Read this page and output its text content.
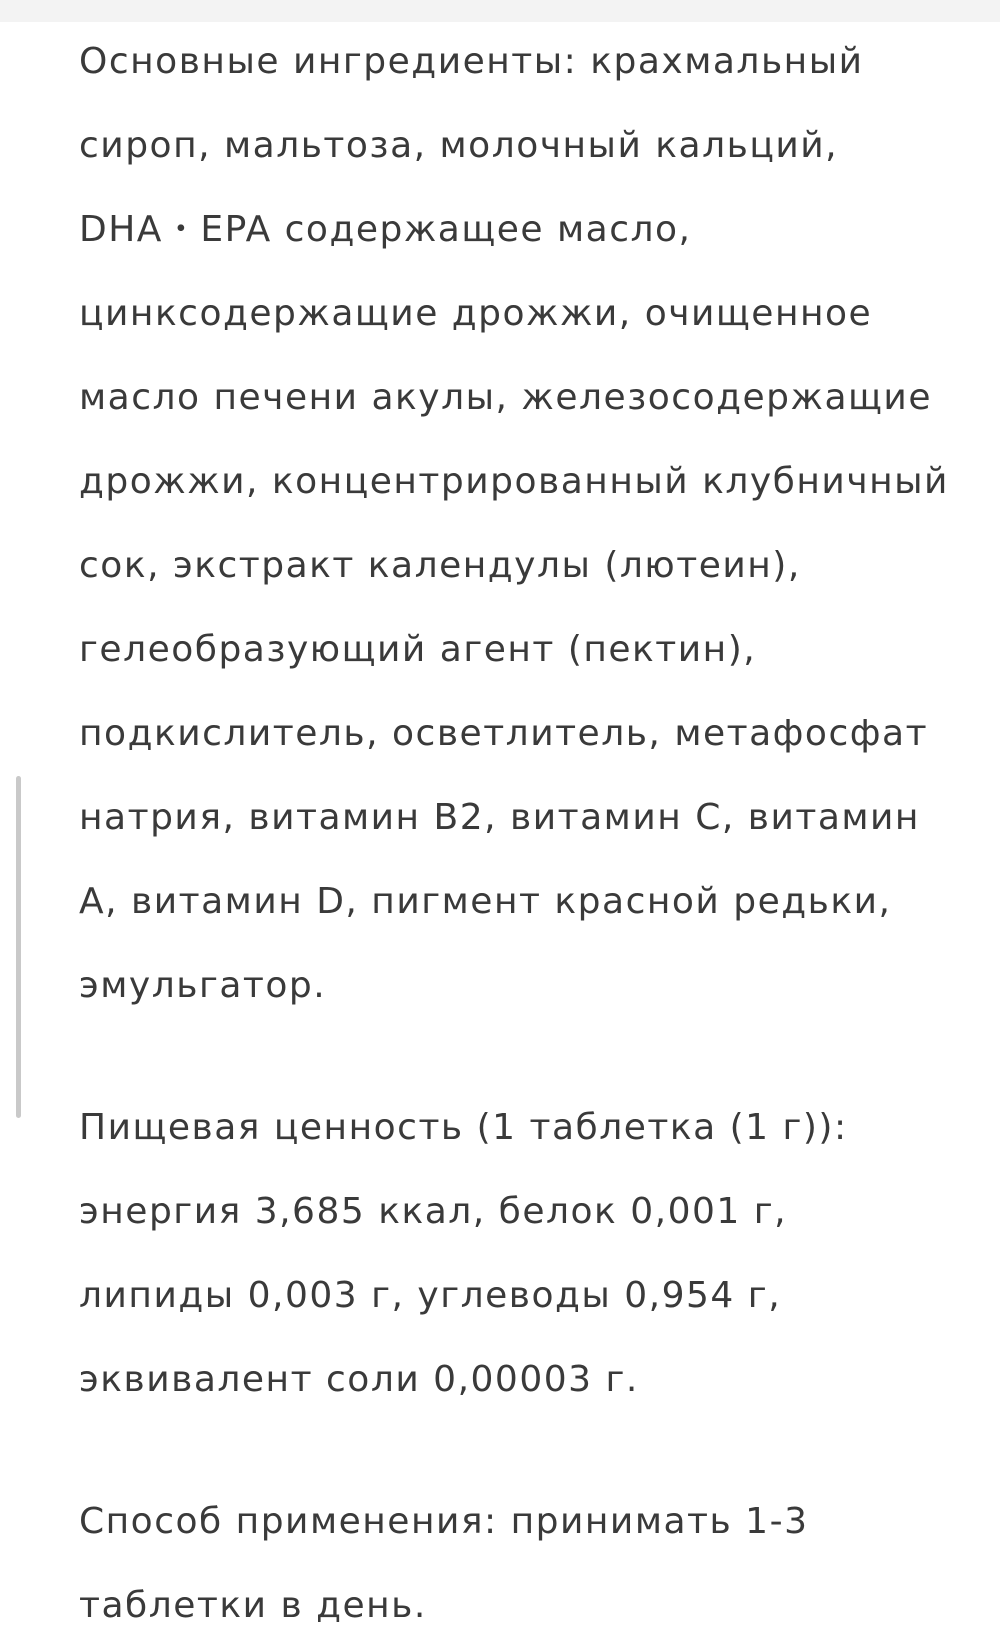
Основные ингредиенты: крахмальный
сироп, мальтоза, молочный кальций,
DHA・EPA содержащее масло,
цинксодержащие дрожжи, очищенное
масло печени акулы, железосодержащие
дрожжи, концентрированный клубничный
сок, экстракт календулы (лютеин),
гелеобразующий агент (пектин),
подкислитель, осветлитель, метафосфат
натрия, витамин В2, витамин С, витамин
А, витамин D, пигмент красной редьки,
эмульгатор.
Пищевая ценность (1 таблетка (1 г)):
энергия 3,685 ккал, белок 0,001 г,
липиды 0,003 г, углеводы 0,954 г,
эквивалент соли 0,00003 г.
Способ применения: принимать 1-3
таблетки в день.
